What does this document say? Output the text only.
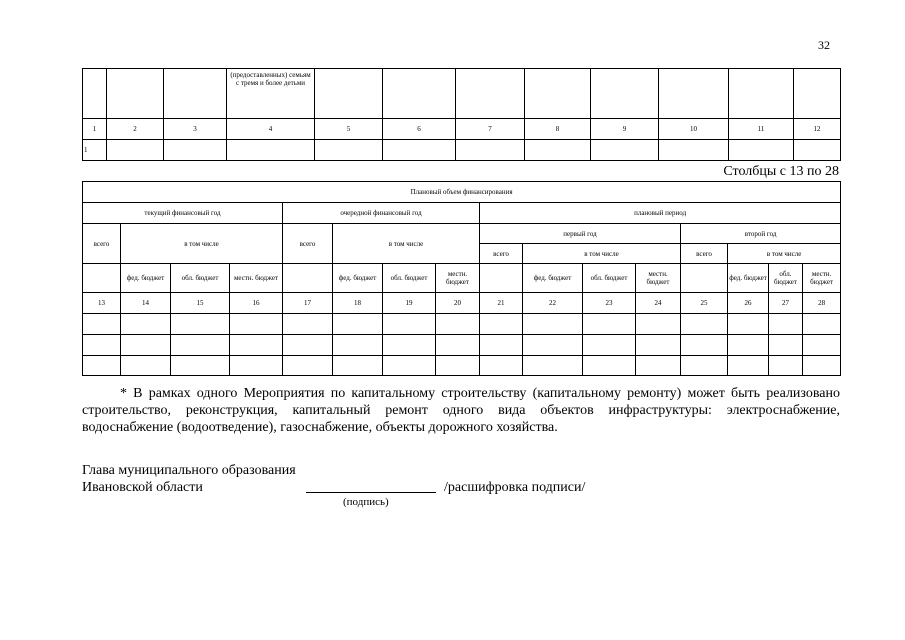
32
			(предоставленных) семьям с тремя и более детьми								
1	2	3	4	5	6	7	8	9	10	11	12
1											
Столбцы с 13 по 28
Плановый объем финансирования															
текущий финансовый год				очередной финансовый год				плановый период							
всего	в том числе			всего	в том числе			первый год				второй год			
								всего	в том числе			всего	в том числе		
	фед. бюджет	обл. бюджет	местн. бюджет		фед. бюджет	обл. бюджет	местн. бюджет		фед. бюджет	обл. бюджет	местн. бюджет		фед. бюджет	обл. бюджет	местн. бюджет
13	14	15	16	17	18	19	20	21	22	23	24	25	26	27	28

* В рамках одного Мероприятия по капитальному строительству (капитальному ремонту) может быть реализовано строительство, реконструкция, капитальный ремонт одного вида объектов инфраструктуры: электроснабжение, водоснабжение (водоотведение), газоснабжение, объекты дорожного хозяйства.
Глава муниципального образования
Ивановской области	/расшифровка подписи/
(подпись)
